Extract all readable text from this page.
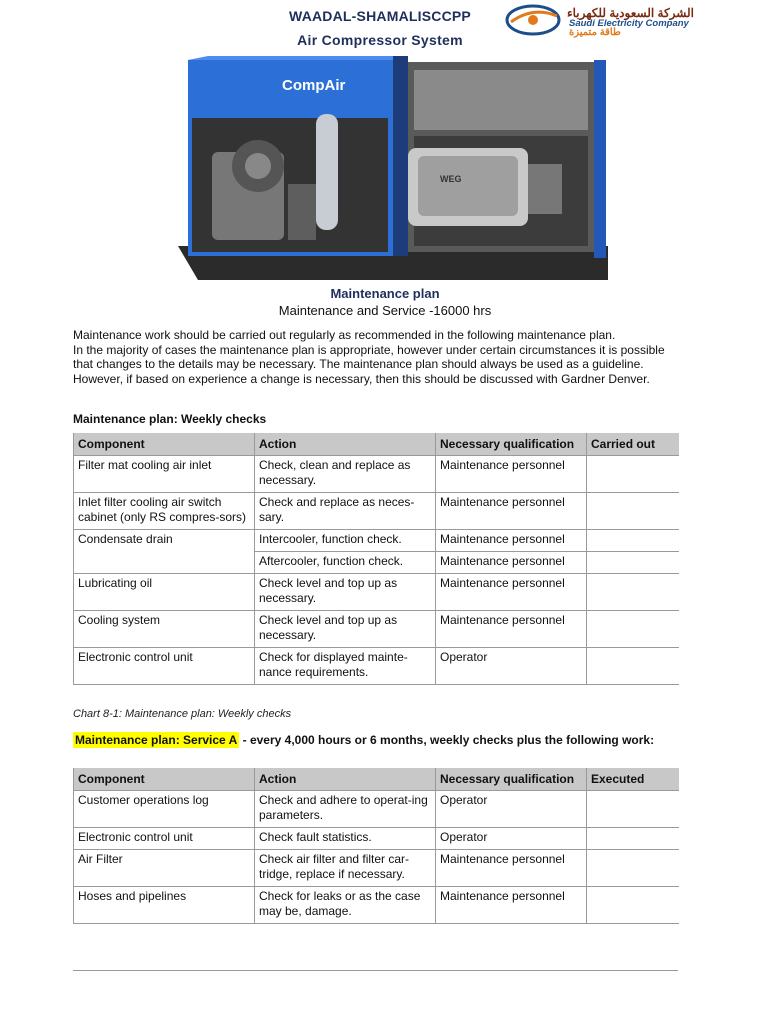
WAADAL-SHAMALISCCPP
Air Compressor System
الشركة السعودية للكهرباء
Saudi Electricity Company
طاقة متميزة
CompAir
WEG
Maintenance plan
Maintenance and Service -16000 hrs

Maintenance work should be carried out regularly as recommended in the following maintenance plan.

In the majority of cases the maintenance plan is appropriate, however under certain circumstances it is possible that changes to the details may be necessary. The maintenance plan should always be used as a guideline. However, if based on experience a change is necessary, then this should be discussed with Gardner Denver.

Maintenance plan: Weekly checks
Component	Action	Necessary qualification	Carried out
Filter mat cooling air inlet	Check, clean and replace as necessary.	Maintenance personnel	
Inlet filter cooling air switch cabinet (only RS compres-sors)	Check and replace as neces-sary.	Maintenance personnel	
Condensate drain	Intercooler, function check.	Maintenance personnel	
	Aftercooler, function check.	Maintenance personnel	
Lubricating oil	Check level and top up as necessary.	Maintenance personnel	
Cooling system	Check level and top up as necessary.	Maintenance personnel	
Electronic control unit	Check for displayed mainte-nance requirements.	Operator	
Chart 8-1: Maintenance plan: Weekly checks
Maintenance plan: Service A - every 4,000 hours or 6 months, weekly checks plus the following work:
Component	Action	Necessary qualification	Executed
Customer operations log	Check and adhere to operat-ing parameters.	Operator	
Electronic control unit	Check fault statistics.	Operator	
Air Filter	Check air filter and filter car-tridge, replace if necessary.	Maintenance personnel	
Hoses and pipelines	Check for leaks or as the case may be, damage.	Maintenance personnel	
